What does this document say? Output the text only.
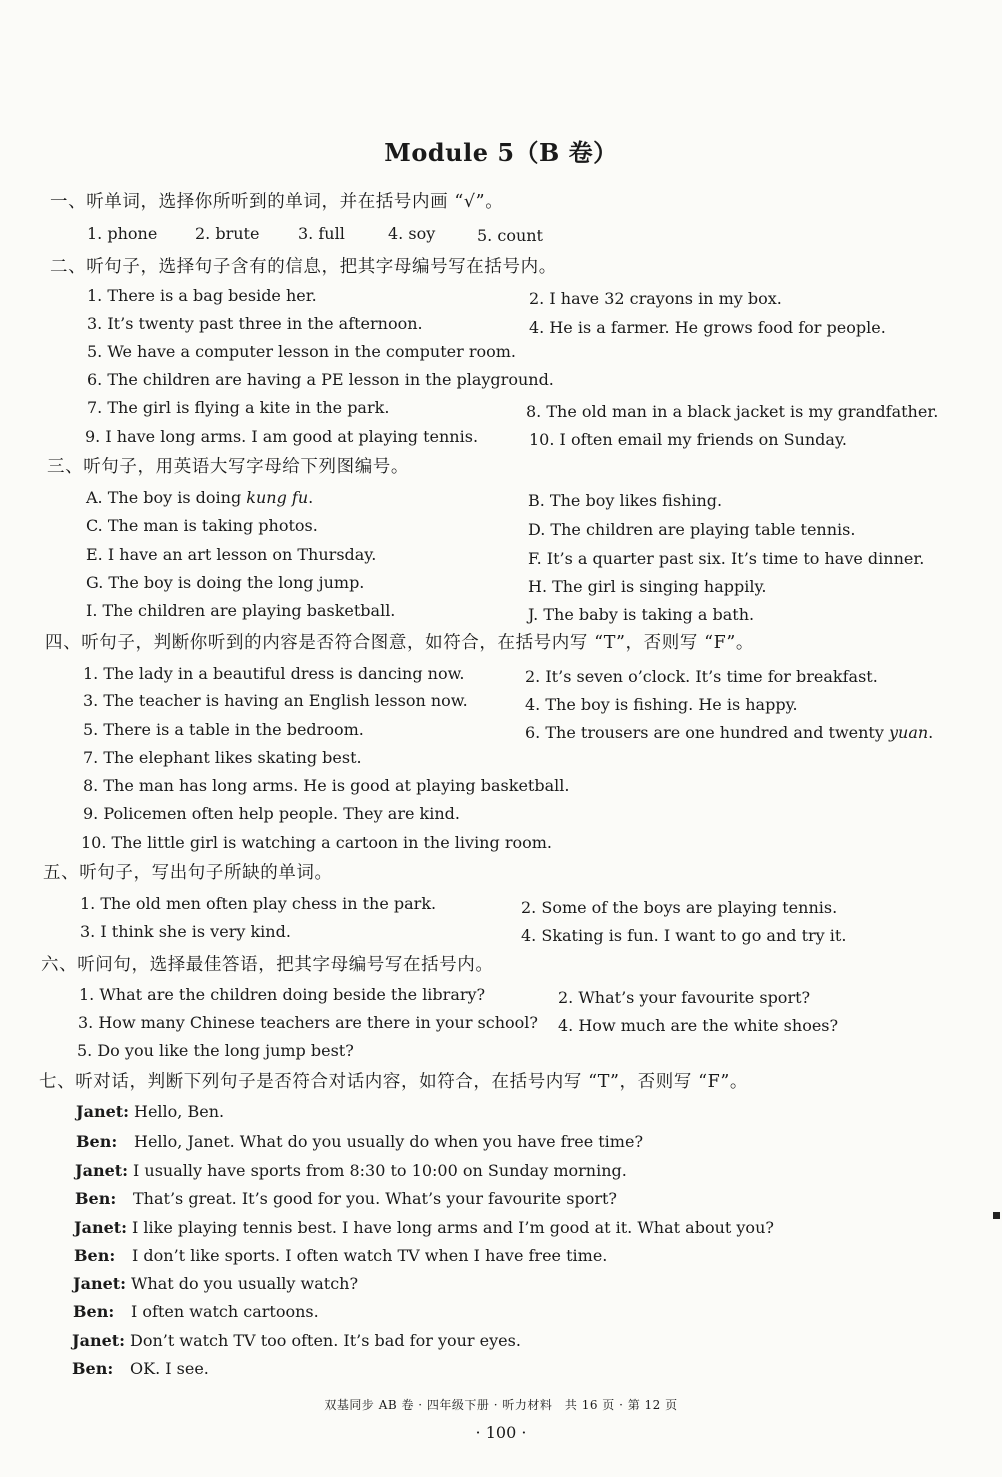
Module 5（B 卷）
一、听单词，选择你所听到的单词，并在括号内画 “√”。
1. phone 2. brute 3. full	4. soy	5. count
二、听句子，选择句子含有的信息，把其字母编号写在括号内。
1. There is a bag beside her.	2. I have 32 crayons in my box.
3. It’s twenty past three in the afternoon.	4. He is a farmer. He grows food for people.
5. We have a computer lesson in the computer room.
6. The children are having a PE lesson in the playground.
7. The girl is flying a kite in the park.	8. The old man in a black jacket is my grandfather.
9. I have long arms. I am good at playing tennis.	10. I often email my friends on Sunday.
三、听句子，用英语大写字母给下列图编号。
A. The boy is doing kung fu.	B. The boy likes fishing.
C. The man is taking photos.	D. The children are playing table tennis.
E. I have an art lesson on Thursday.	F. It’s a quarter past six. It’s time to have dinner.
G. The boy is doing the long jump.	H. The girl is singing happily.
I. The children are playing basketball.	J. The baby is taking a bath.
四、听句子，判断你听到的内容是否符合图意，如符合，在括号内写 “T”，否则写 “F”。
1. The lady in a beautiful dress is dancing now.	2. It’s seven o’clock. It’s time for breakfast.
3. The teacher is having an English lesson now.	4. The boy is fishing. He is happy.
5. There is a table in the bedroom.	6. The trousers are one hundred and twenty yuan.
7. The elephant likes skating best.
8. The man has long arms. He is good at playing basketball.
9. Policemen often help people. They are kind.
10. The little girl is watching a cartoon in the living room.
五、听句子，写出句子所缺的单词。
1. The old men often play chess in the park.	2. Some of the boys are playing tennis.
3. I think she is very kind.	4. Skating is fun. I want to go and try it.
六、听问句，选择最佳答语，把其字母编号写在括号内。
1. What are the children doing beside the library?	2. What’s your favourite sport?
3. How many Chinese teachers are there in your school? 4. How much are the white shoes?
5. Do you like the long jump best?
七、听对话，判断下列句子是否符合对话内容，如符合，在括号内写 “T”，否则写 “F”。
Janet: Hello, Ben.
Ben: Hello, Janet. What do you usually do when you have free time?
Janet: I usually have sports from 8:30 to 10:00 on Sunday morning.
Ben: That’s great. It’s good for you. What’s your favourite sport?
Janet: I like playing tennis best. I have long arms and I’m good at it. What about you?
Ben: I don’t like sports. I often watch TV when I have free time.
Janet: What do you usually watch?
Ben: I often watch cartoons.
Janet: Don’t watch TV too often. It’s bad for your eyes.
Ben: OK. I see.
双基同步 AB 卷 · 四年级下册 · 听力材料　共 16 页 · 第 12 页
· 100 ·
